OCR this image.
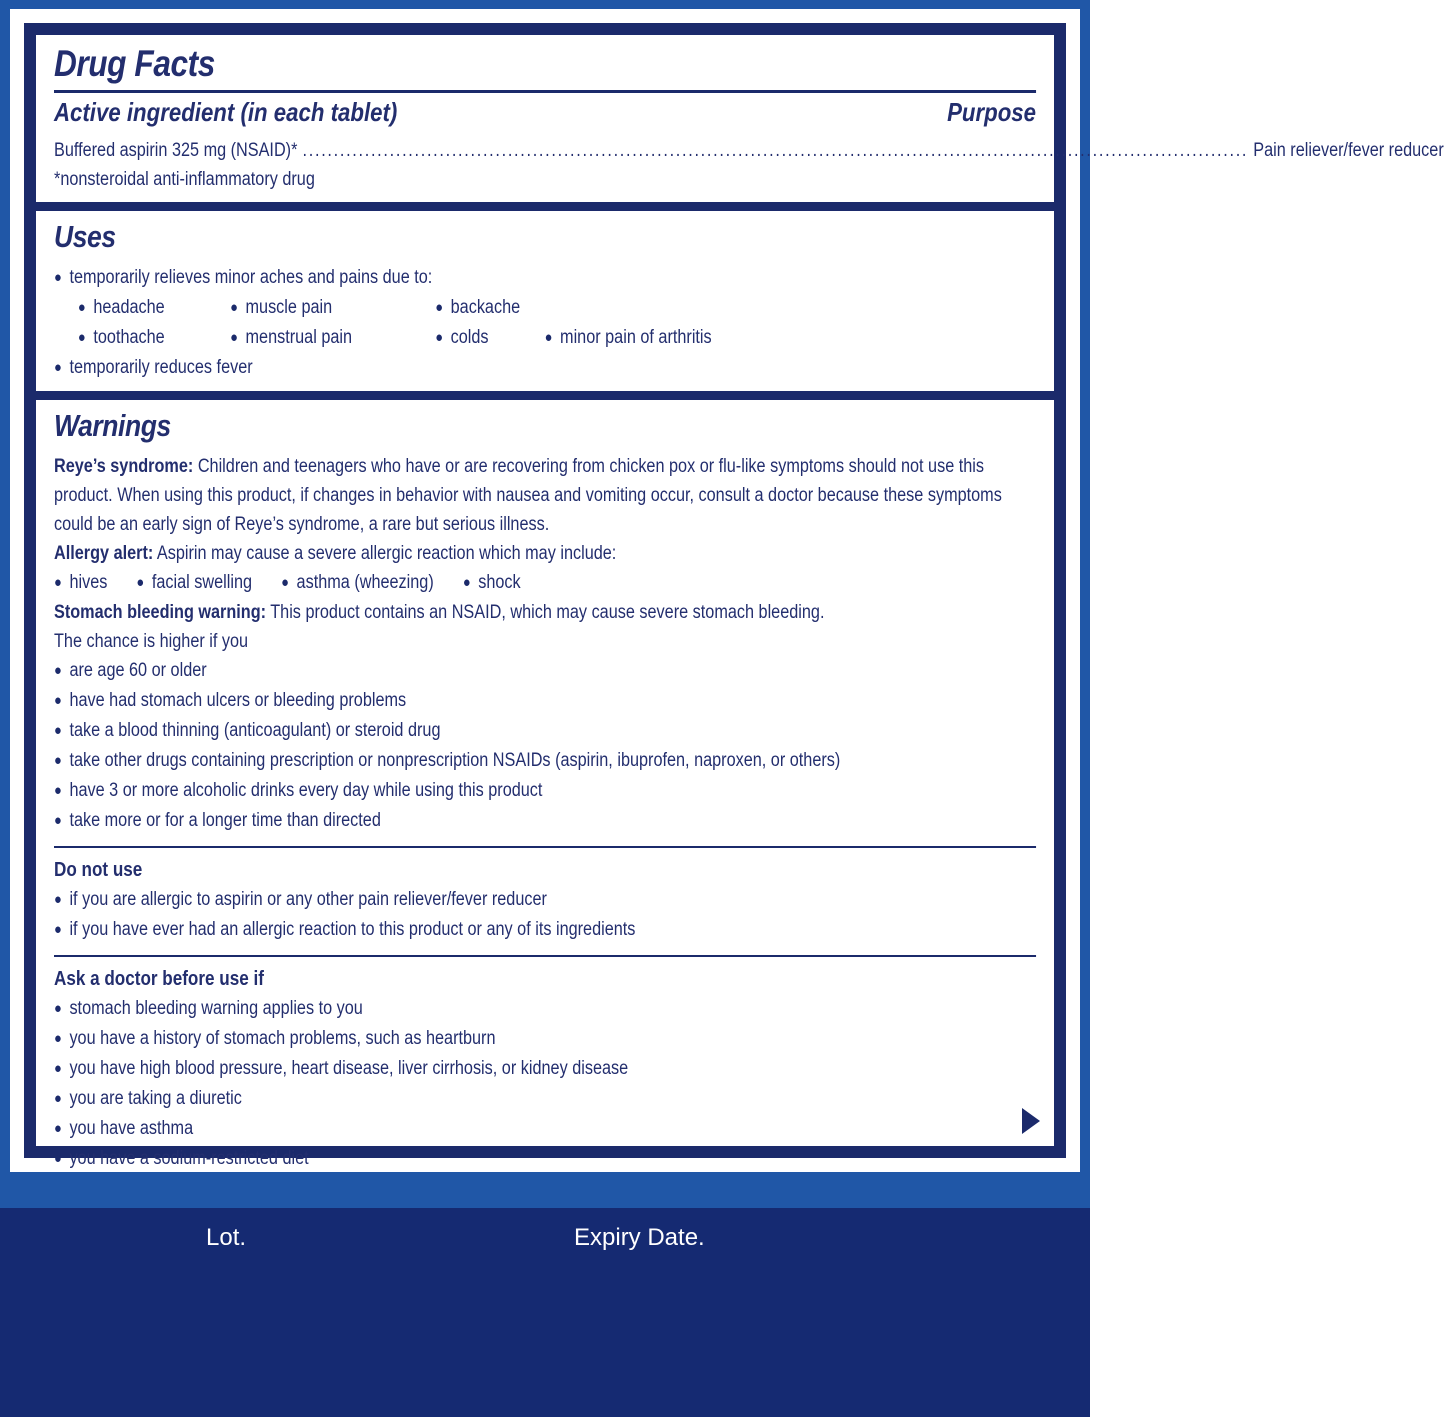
Drug Facts
Active ingredient (in each tablet)	Purpose
Buffered aspirin 325 mg (NSAID)* .....	Pain reliever/fever reducer
*nonsteroidal anti-inflammatory drug
Uses
●
temporarily relieves minor aches and pains due to:
●
headache ●	muscle pain ●	backache
●
toothache ●	menstrual pain ●	colds ●	minor pain of arthritis
●
temporarily reduces fever
Warnings

Reye’s syndrome: Children and teenagers who have or are recovering from chicken pox or flu-like symptoms should not use this product. When using this product, if changes in behavior with nausea and vomiting occur, consult a doctor because these symptoms could be an early sign of Reye’s syndrome, a rare but serious illness.

Allergy alert: Aspirin may cause a severe allergic reaction which may include:

●
hives ● facial swelling ● asthma (wheezing) ● shock

Stomach bleeding warning: This product contains an NSAID, which may cause severe stomach bleeding.

The chance is higher if you

●
are age 60 or older
●
have had stomach ulcers or bleeding problems
●
take a blood thinning (anticoagulant) or steroid drug
●
take other drugs containing prescription or nonprescription NSAIDs (aspirin, ibuprofen, naproxen, or others)
●
have 3 or more alcoholic drinks every day while using this product
●
take more or for a longer time than directed
Do not use
●
if you are allergic to aspirin or any other pain reliever/fever reducer
●
if you have ever had an allergic reaction to this product or any of its ingredients
Ask a doctor before use if
●
stomach bleeding warning applies to you
●
you have a history of stomach problems, such as heartburn
●
you have high blood pressure, heart disease, liver cirrhosis, or kidney disease
●
you are taking a diuretic
●
you have asthma
●
you have a sodium-restricted diet
Lot.	Expiry Date.
